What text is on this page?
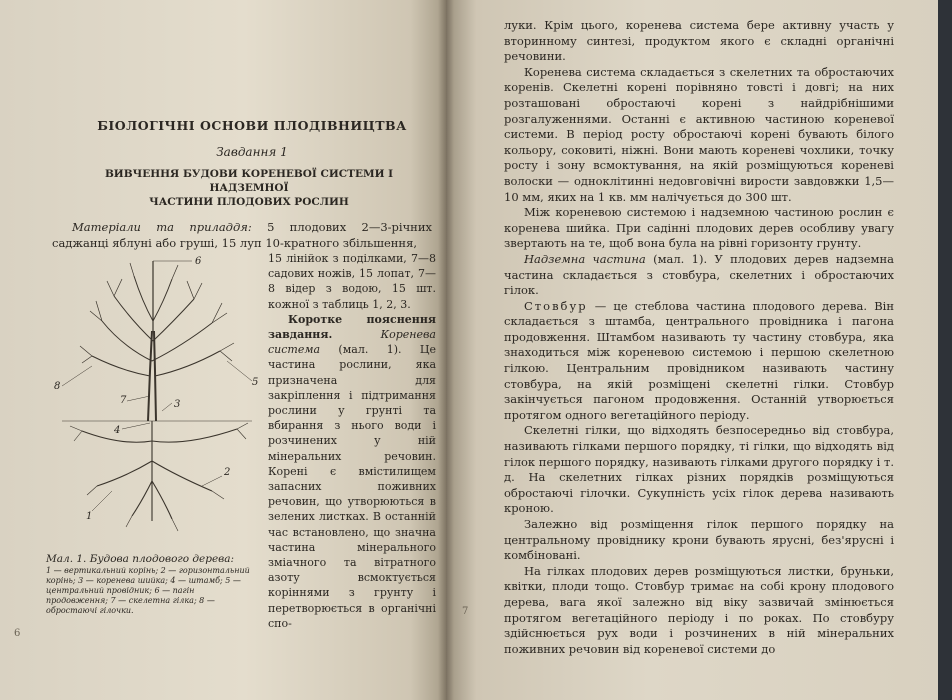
БІОЛОГІЧНІ ОСНОВИ ПЛОДІВНИЦТВА
Завдання 1
ВИВЧЕННЯ БУДОВИ КОРЕНЕВОЇ СИСТЕМИ І НАДЗЕМНОЇ
ЧАСТИНИ ПЛОДОВИХ РОСЛИН

Матеріали та приладдя: 5 плодових 2—3-річних саджанці яблуні або груші, 15 луп 10-кратного збільшення,

6
8	5
4
3
7
1
2

15 лінійок з поділками, 7—8 садових ножів, 15 лопат, 7—8 відер з водою, 15 шт. кожної з таблиць 1, 2, 3.

Коротке пояснення завдання. Коренева система (мал. 1). Це частина рослини, яка призначена для закріплення і підтримання рослини у грунті та вбирання з нього води і розчинених у ній мінеральних речовин. Корені є вмістилищем запасних поживних речовин, що утворюються в зелених листках. В останній час встановлено, що значна частина мінерального зміачного та вітратного азоту всмоктується коріннями з грунту і перетворюється в органічні спо-

Мал. 1. Будова плодового дерева:
1 — вертикальний корінь; 2 — горизонтальний корінь; 3 — коренева шийка; 4 — штамб; 5 — центральний провідник; 6 — пагін продовження; 7 — скелетна гілка; 8 — обростаючі гілочки.
6

луки. Крім цього, коренева система бере активну участь у вторинному синтезі, продуктом якого є складні органічні речовини.

Коренева система складається з скелетних та обростаючих коренів. Скелетні корені порівняно товсті і довгі; на них розташовані обростаючі корені з найдрібнішими розгалуженнями. Останні є активною частиною кореневої системи. В період росту обростаючі корені бувають білого кольору, соковиті, ніжні. Вони мають кореневі чохлики, точку росту і зону всмоктування, на якій розміщуються кореневі волоски — одноклітинні недовговічні вирости завдовжки 1,5—10 мм, яких на 1 кв. мм налічується до 300 шт.

Між кореневою системою і надземною частиною рослин є коренева шийка. При садінні плодових дерев особливу увагу звертають на те, щоб вона була на рівні горизонту грунту.

Надземна частина (мал. 1). У плодових дерев надземна частина складається з стовбура, скелетних і обростаючих гілок.

Стовбур — це стеблова частина плодового дерева. Він складається з штамба, центрального провідника і пагона продовження. Штамбом називають ту частину стовбура, яка знаходиться між кореневою системою і першою скелетною гілкою. Центральним провідником називають частину стовбура, на якій розміщені скелетні гілки. Стовбур закінчується пагоном продовження. Останній утворюється протягом одного вегетаційного періоду.

Скелетні гілки, що відходять безпосередньо від стовбура, називають гілками першого порядку, ті гілки, що відходять від гілок першого порядку, називають гілками другого порядку і т. д. На скелетних гілках різних порядків розміщуються обростаючі гілочки. Сукупність усіх гілок дерева називають кроною.

Залежно від розміщення гілок першого порядку на центральному провіднику крони бувають ярусні, без'ярусні і комбіновані.

На гілках плодових дерев розміщуються листки, бруньки, квітки, плоди тощо. Стовбур тримає на собі крону плодового дерева, вага якої залежно від віку зазвичай змінюється протягом вегетаційного періоду і по роках. По стовбуру здійснюється рух води і розчинених в ній мінеральних поживних речовин від кореневої системи до

7
